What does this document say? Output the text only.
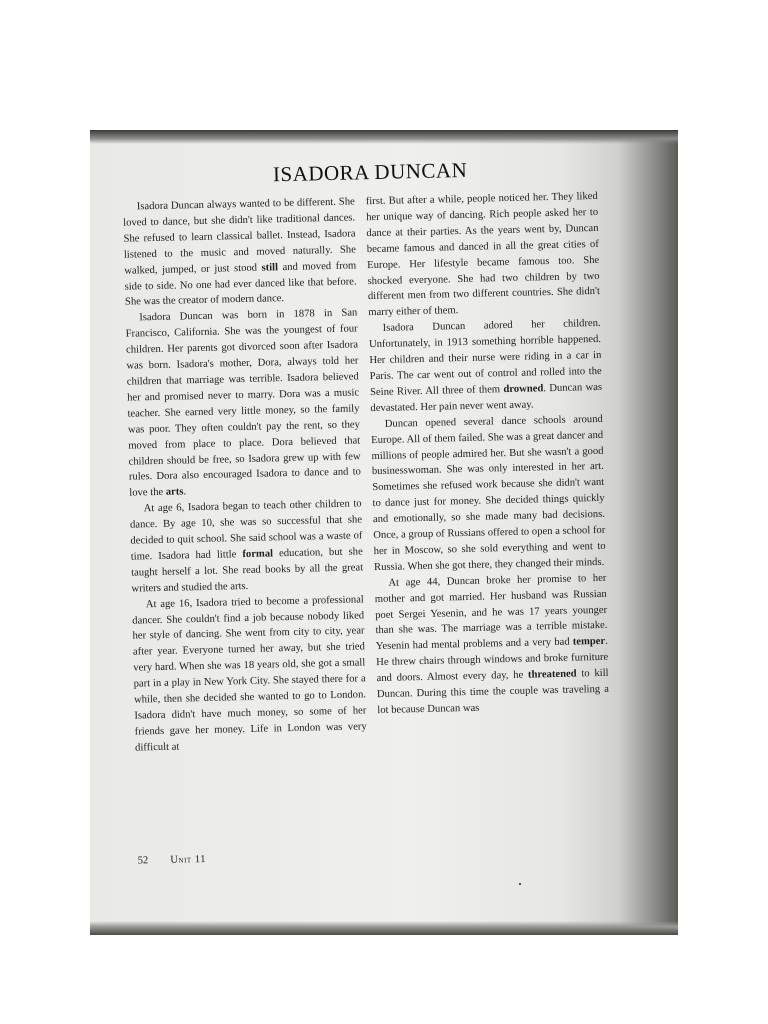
ISADORA DUNCAN

Isadora Duncan always wanted to be different. She loved to dance, but she didn't like traditional dances. She refused to learn classical ballet. Instead, Isadora listened to the music and moved naturally. She walked, jumped, or just stood still and moved from side to side. No one had ever danced like that before. She was the creator of modern dance.

Isadora Duncan was born in 1878 in San Francisco, California. She was the youngest of four children. Her parents got divorced soon after Isadora was born. Isadora's mother, Dora, always told her children that marriage was terrible. Isadora believed her and promised never to marry. Dora was a music teacher. She earned very little money, so the family was poor. They often couldn't pay the rent, so they moved from place to place. Dora believed that children should be free, so Isadora grew up with few rules. Dora also encouraged Isadora to dance and to love the arts.

At age 6, Isadora began to teach other children to dance. By age 10, she was so successful that she decided to quit school. She said school was a waste of time. Isadora had little formal education, but she taught herself a lot. She read books by all the great writers and studied the arts.

At age 16, Isadora tried to become a professional dancer. She couldn't find a job because nobody liked her style of dancing. She went from city to city, year after year. Everyone turned her away, but she tried very hard. When she was 18 years old, she got a small part in a play in New York City. She stayed there for a while, then she decided she wanted to go to London. Isadora didn't have much money, so some of her friends gave her money. Life in London was very difficult at

first. But after a while, people noticed her. They liked her unique way of dancing. Rich people asked her to dance at their parties. As the years went by, Duncan became famous and danced in all the great cities of Europe. Her lifestyle became famous too. She shocked everyone. She had two children by two different men from two different countries. She didn't marry either of them.

Isadora Duncan adored her children. Unfortunately, in 1913 something horrible happened. Her children and their nurse were riding in a car in Paris. The car went out of control and rolled into the Seine River. All three of them drowned. Duncan was devastated. Her pain never went away.

Duncan opened several dance schools around Europe. All of them failed. She was a great dancer and millions of people admired her. But she wasn't a good businesswoman. She was only interested in her art. Sometimes she refused work because she didn't want to dance just for money. She decided things quickly and emotionally, so she made many bad decisions. Once, a group of Russians offered to open a school for her in Moscow, so she sold everything and went to Russia. When she got there, they changed their minds.

At age 44, Duncan broke her promise to her mother and got married. Her husband was Russian poet Sergei Yesenin, and he was 17 years younger than she was. The marriage was a terrible mistake. Yesenin had mental problems and a very bad temper. He threw chairs through windows and broke furniture and doors. Almost every day, he threatened to kill Duncan. During this time the couple was traveling a lot because Duncan was

52 Unit 11
